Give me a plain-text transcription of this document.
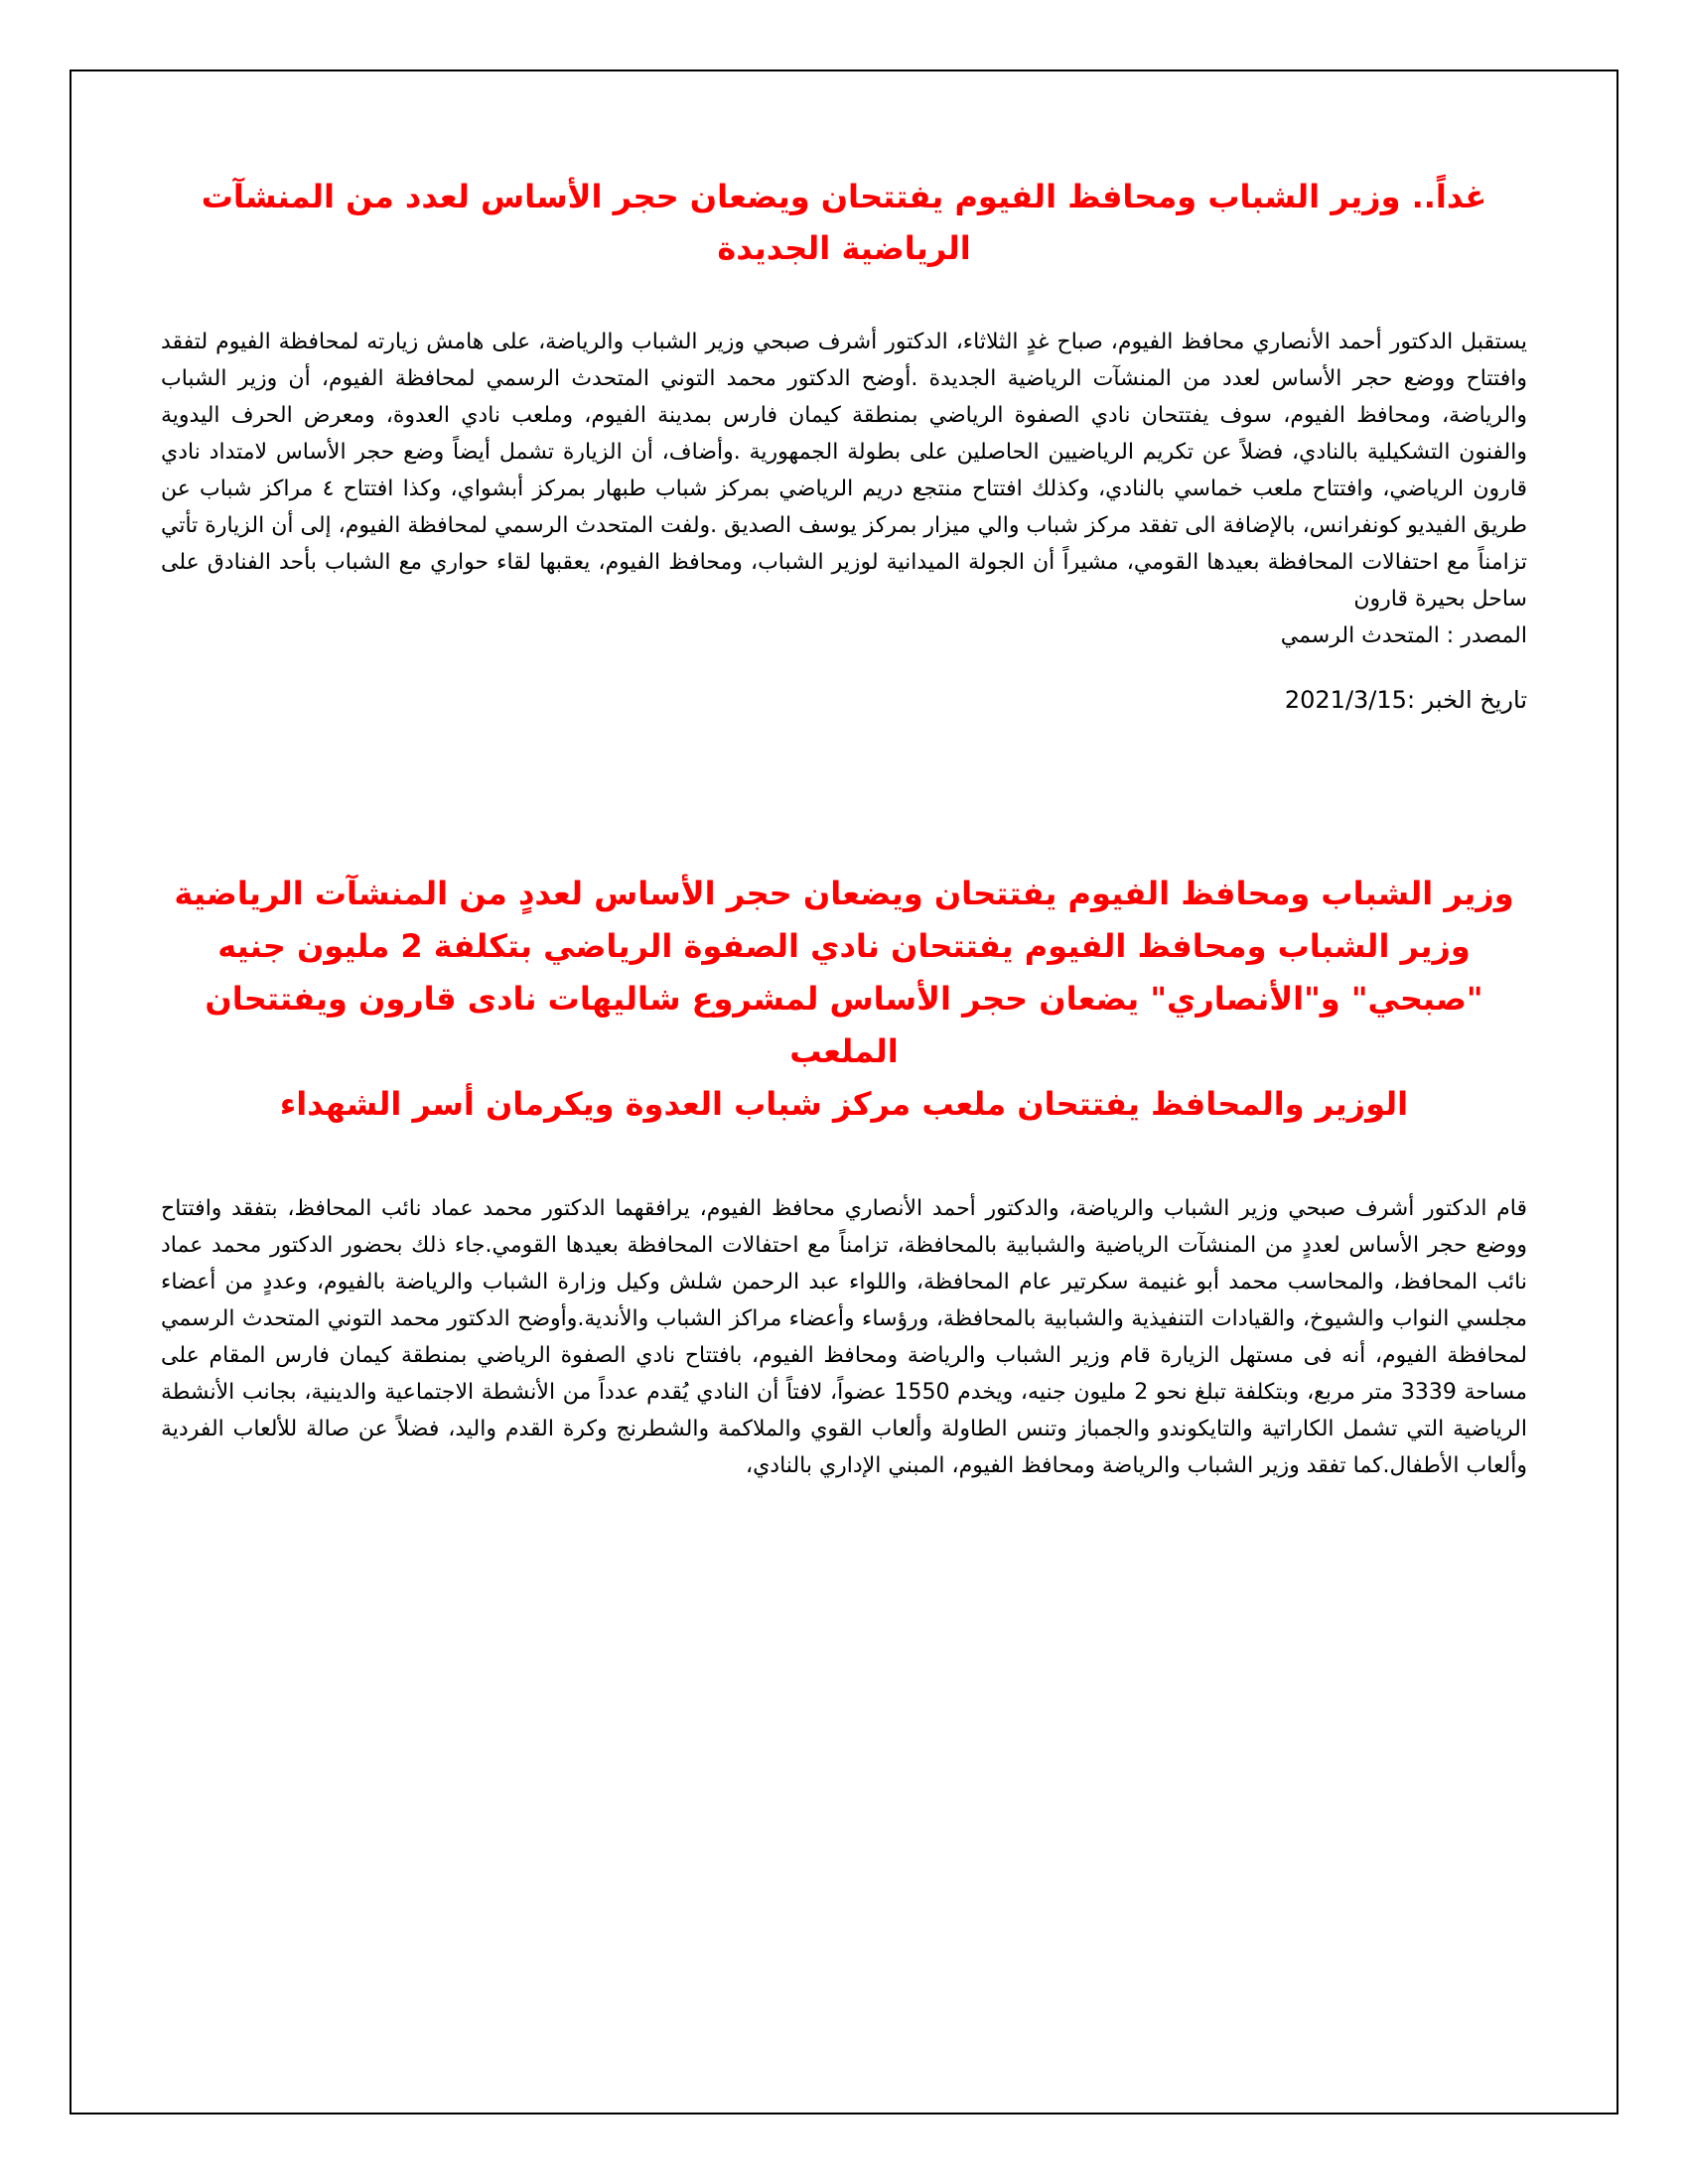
غداً.. وزير الشباب ومحافظ الفيوم يفتتحان ويضعان حجر الأساس لعدد من المنشآت الرياضية الجديدة

يستقبل الدكتور أحمد الأنصاري محافظ الفيوم، صباح غدٍ الثلاثاء، الدكتور أشرف صبحي وزير الشباب والرياضة، على هامش زيارته لمحافظة الفيوم لتفقد وافتتاح ووضع حجر الأساس لعدد من المنشآت الرياضية الجديدة .أوضح الدكتور محمد التوني المتحدث الرسمي لمحافظة الفيوم، أن وزير الشباب والرياضة، ومحافظ الفيوم، سوف يفتتحان نادي الصفوة الرياضي بمنطقة كيمان فارس بمدينة الفيوم، وملعب نادي العدوة، ومعرض الحرف اليدوية والفنون التشكيلية بالنادي، فضلاً عن تكريم الرياضيين الحاصلين على بطولة الجمهورية .وأضاف، أن الزيارة تشمل أيضاً وضع حجر الأساس لامتداد نادي قارون الرياضي، وافتتاح ملعب خماسي بالنادي، وكذلك افتتاح منتجع دريم الرياضي بمركز شباب طبهار بمركز أبشواي، وكذا افتتاح ٤ مراكز شباب عن طريق الفيديو كونفرانس، بالإضافة الى تفقد مركز شباب والي ميزار بمركز يوسف الصديق .ولفت المتحدث الرسمي لمحافظة الفيوم، إلى أن الزيارة تأتي تزامناً مع احتفالات المحافظة بعيدها القومي، مشيراً أن الجولة الميدانية لوزير الشباب، ومحافظ الفيوم، يعقبها لقاء حواري مع الشباب بأحد الفنادق على ساحل بحيرة قارون

المصدر : المتحدث الرسمي

تاريخ الخبر :2021/3/15

وزير الشباب ومحافظ الفيوم يفتتحان ويضعان حجر الأساس لعددٍ من المنشآت الرياضية
وزير الشباب ومحافظ الفيوم يفتتحان نادي الصفوة الرياضي بتكلفة 2 مليون جنيه
"صبحي" و"الأنصاري" يضعان حجر الأساس لمشروع شاليهات نادى قارون ويفتتحان الملعب
الوزير والمحافظ يفتتحان ملعب مركز شباب العدوة ويكرمان أسر الشهداء

قام الدكتور أشرف صبحي وزير الشباب والرياضة، والدكتور أحمد الأنصاري محافظ الفيوم، يرافقهما الدكتور محمد عماد نائب المحافظ، بتفقد وافتتاح ووضع حجر الأساس لعددٍ من المنشآت الرياضية والشبابية بالمحافظة، تزامناً مع احتفالات المحافظة بعيدها القومي.جاء ذلك بحضور الدكتور محمد عماد نائب المحافظ، والمحاسب محمد أبو غنيمة سكرتير عام المحافظة، واللواء عبد الرحمن شلش وكيل وزارة الشباب والرياضة بالفيوم، وعددٍ من أعضاء مجلسي النواب والشيوخ، والقيادات التنفيذية والشبابية بالمحافظة، ورؤساء وأعضاء مراكز الشباب والأندية.وأوضح الدكتور محمد التوني المتحدث الرسمي لمحافظة الفيوم، أنه فى مستهل الزيارة قام وزير الشباب والرياضة ومحافظ الفيوم، بافتتاح نادي الصفوة الرياضي بمنطقة كيمان فارس المقام على مساحة 3339 متر مربع، وبتكلفة تبلغ نحو 2 مليون جنيه، ويخدم 1550 عضواً، لافتاً أن النادي يُقدم عدداً من الأنشطة الاجتماعية والدينية، بجانب الأنشطة الرياضية التي تشمل الكاراتية والتايكوندو والجمباز وتنس الطاولة وألعاب القوي والملاكمة والشطرنج وكرة القدم واليد، فضلاً عن صالة للألعاب الفردية وألعاب الأطفال.كما تفقد وزير الشباب والرياضة ومحافظ الفيوم، المبني الإداري بالنادي،
